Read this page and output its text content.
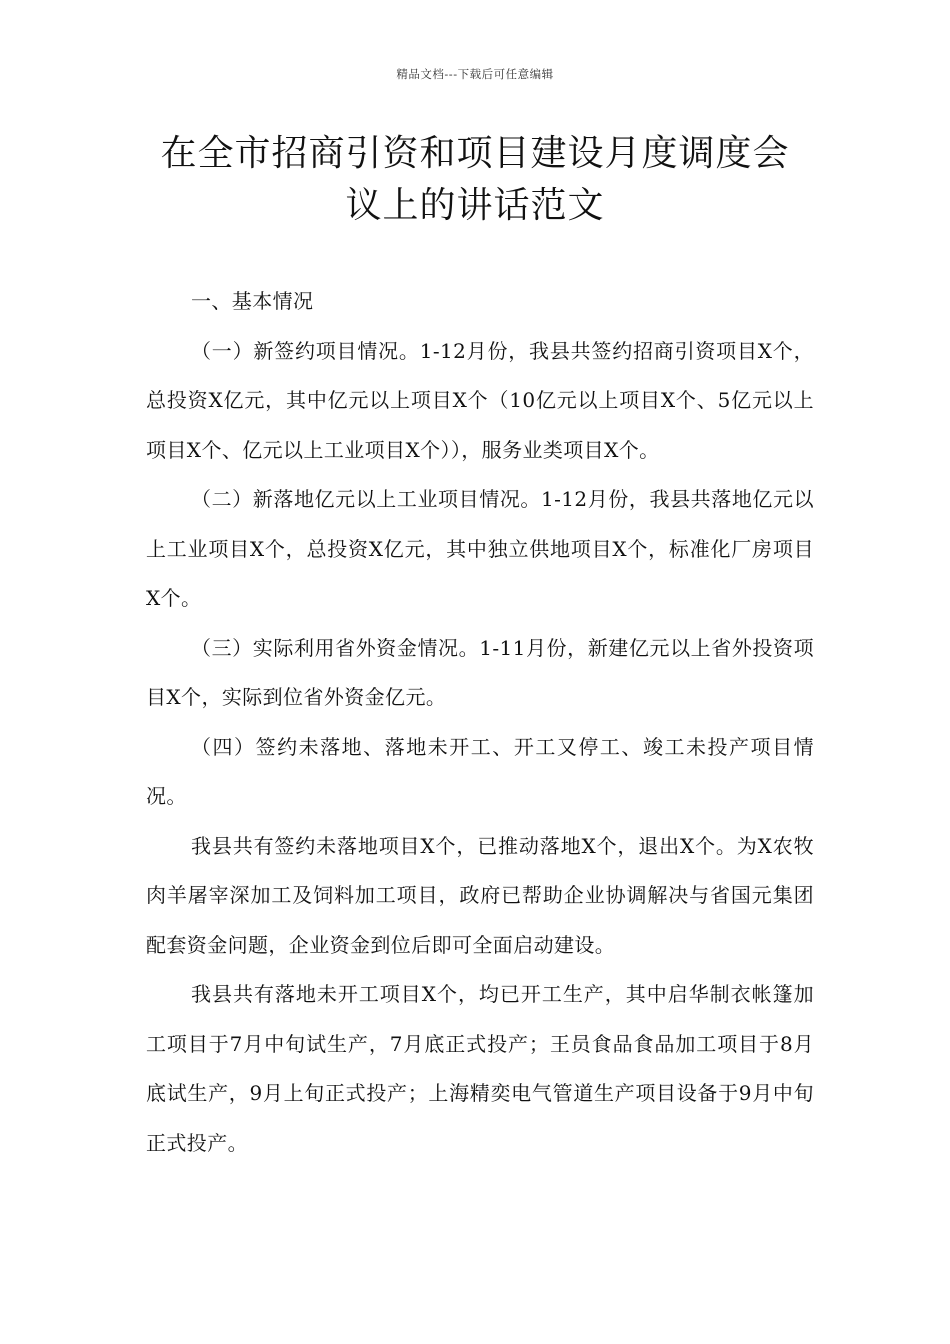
精品文档---下载后可任意编辑
在全市招商引资和项目建设月度调度会
议上的讲话范文

一、基本情况

（一）新签约项目情况。1-12月份，我县共签约招商引资项目X个，总投资X亿元，其中亿元以上项目X个（10亿元以上项目X个、5亿元以上项目X个、亿元以上工业项目X个）），服务业类项目X个。

（二）新落地亿元以上工业项目情况。1-12月份，我县共落地亿元以上工业项目X个，总投资X亿元，其中独立供地项目X个，标准化厂房项目X个。

（三）实际利用省外资金情况。1-11月份，新建亿元以上省外投资项目X个，实际到位省外资金亿元。

（四）签约未落地、落地未开工、开工又停工、竣工未投产项目情况。

我县共有签约未落地项目X个，已推动落地X个，退出X个。为X农牧肉羊屠宰深加工及饲料加工项目，政府已帮助企业协调解决与省国元集团配套资金问题，企业资金到位后即可全面启动建设。

我县共有落地未开工项目X个，均已开工生产，其中启华制衣帐篷加工项目于7月中旬试生产，7月底正式投产；王员食品食品加工项目于8月底试生产，9月上旬正式投产；上海精奕电气管道生产项目设备于9月中旬正式投产。
